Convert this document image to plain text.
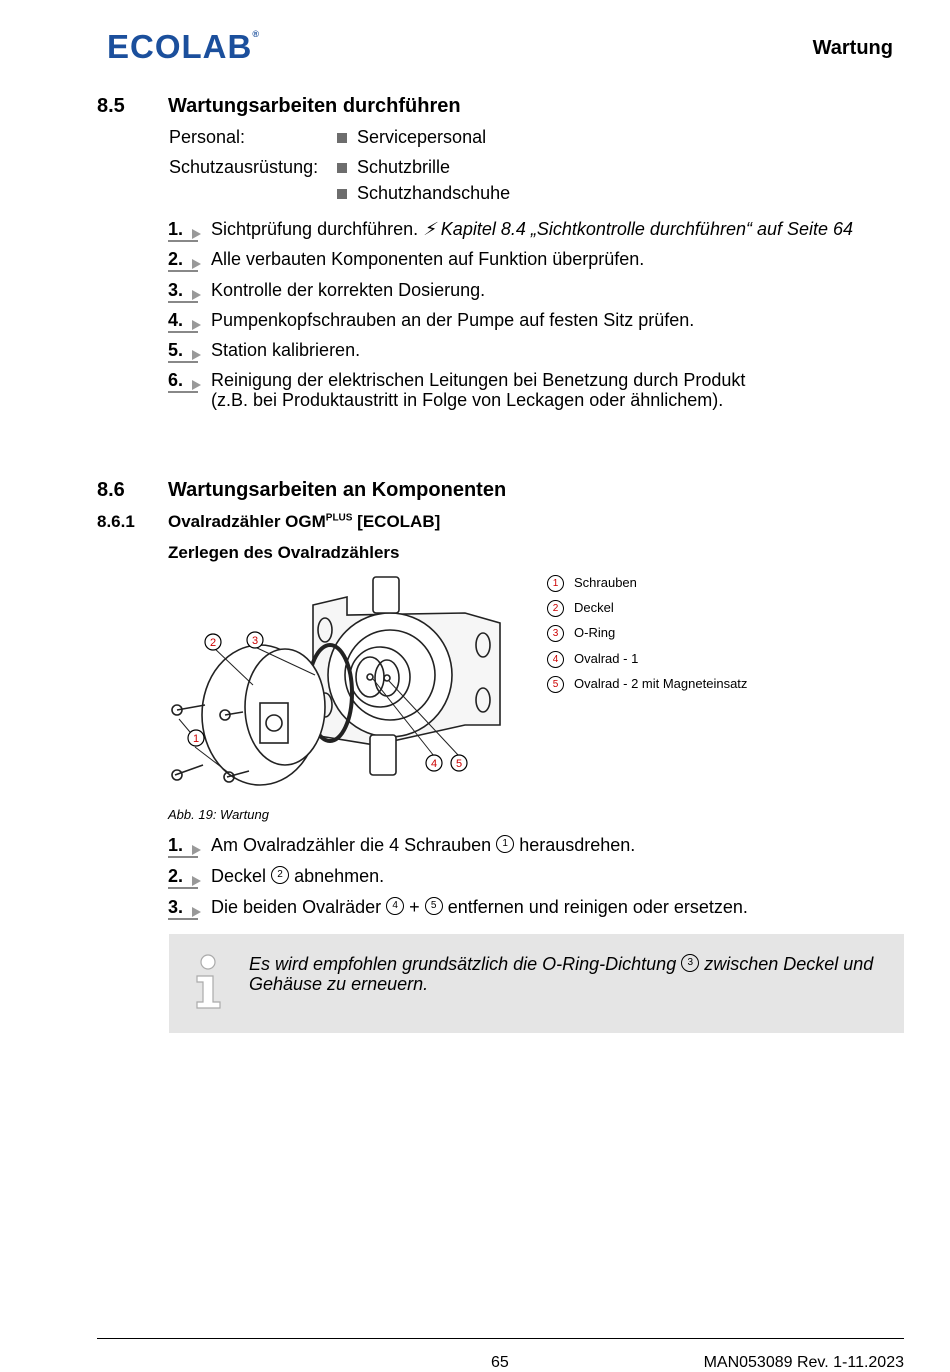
ECOLAB®
Wartung
8.5 Wartungsarbeiten durchführen
Personal:	Servicepersonal
Schutzausrüstung:	Schutzbrille
Schutzhandschuhe
1.	Sichtprüfung durchführen. ⚡︎ Kapitel 8.4 „Sichtkontrolle durchführen“ auf Seite 64
2.	Alle verbauten Komponenten auf Funktion überprüfen.
3.	Kontrolle der korrekten Dosierung.
4.	Pumpenkopfschrauben an der Pumpe auf festen Sitz prüfen.
5.	Station kalibrieren.
6.	Reinigung der elektrischen Leitungen bei Benetzung durch Produkt
(z.B. bei Produktaustritt in Folge von Leckagen oder ähnlichem).
8.6 Wartungsarbeiten an Komponenten
8.6.1 Ovalradzähler $OGM^{PLUS}$ [ECOLAB]
Zerlegen des Ovalradzählers
2	3
1
4 5
1 Schrauben
2 Deckel
3 O-Ring
4 Ovalrad - 1
5 Ovalrad - 2 mit Magneteinsatz
Abb. 19: Wartung
1.	Am Ovalradzähler die 4 Schrauben 1 herausdrehen.
2.	Deckel 2 abnehmen.
3.	Die beiden Ovalräder 4 + 5 entfernen und reinigen oder ersetzen.
Es wird empfohlen grundsätzlich die O-Ring-Dichtung 3 zwischen Deckel und Gehäuse zu erneuern.
65	MAN053089 Rev. 1-11.2023
